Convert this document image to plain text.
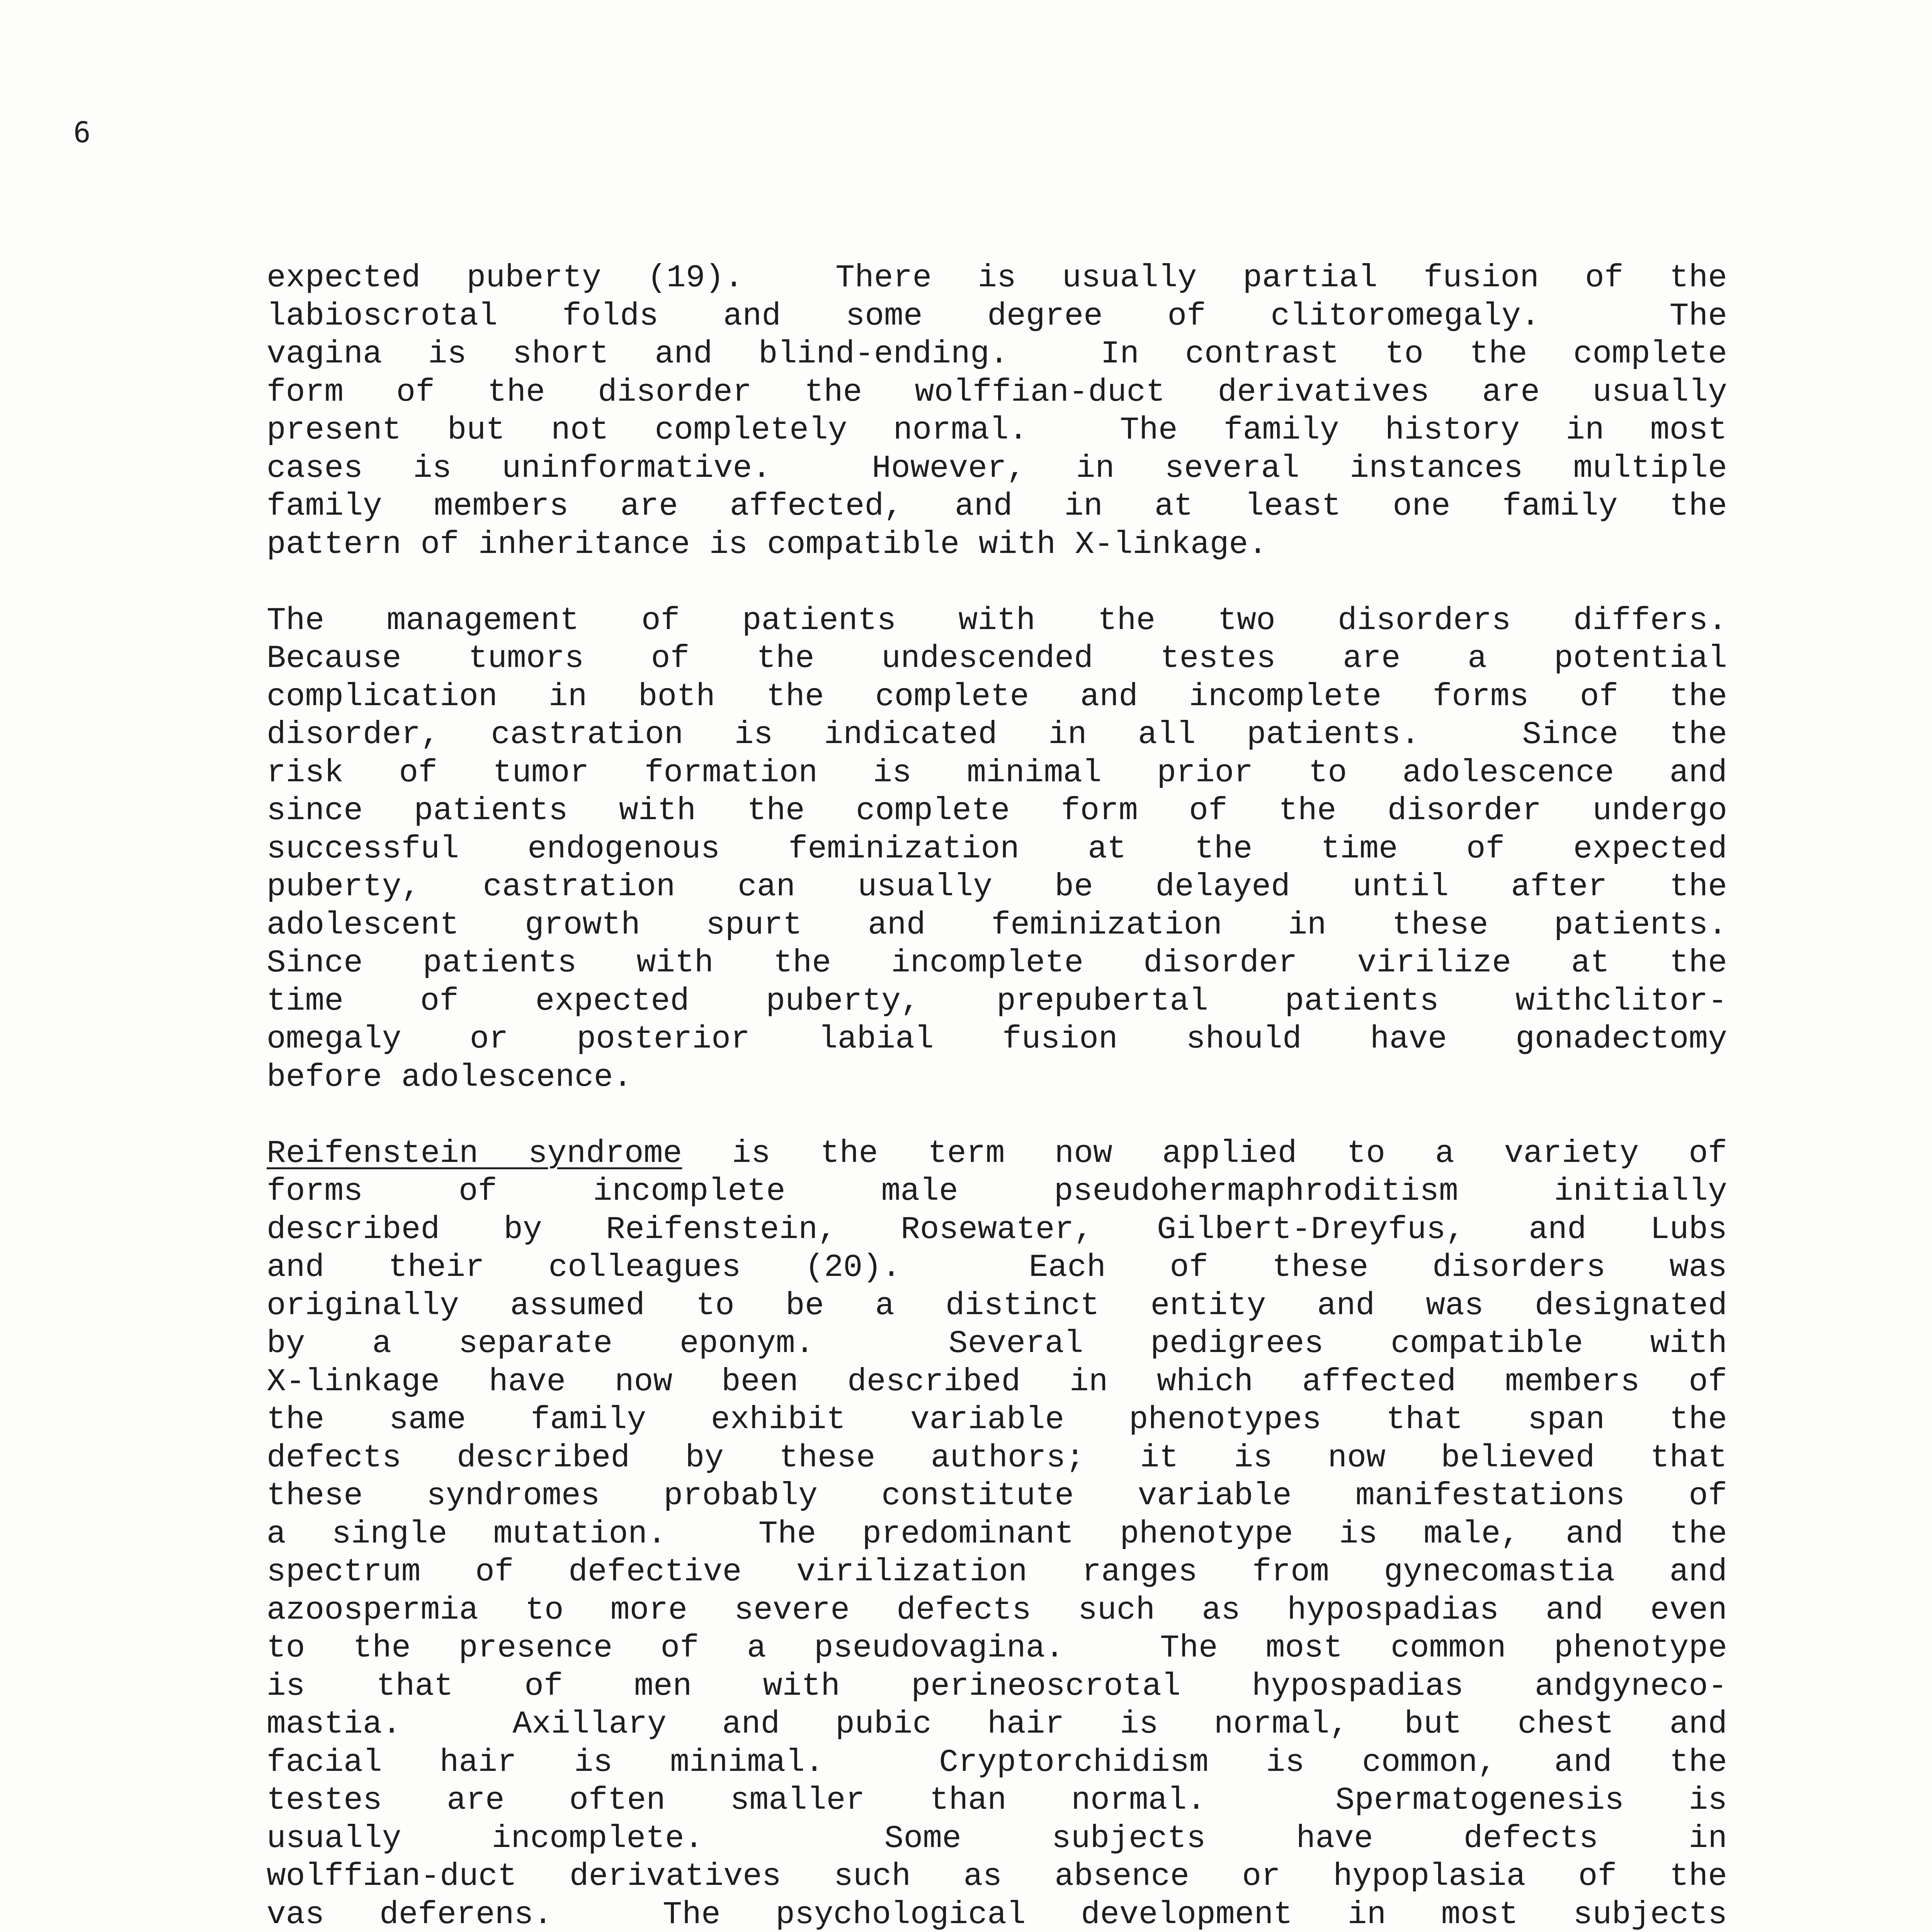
6
expected puberty (19).  There is usually partial fusion of the
labioscrotal folds and some degree of clitoromegaly.  The
vagina is short and blind-ending.  In contrast to the complete
form of the disorder the wolffian-duct derivatives are usually
present but not completely normal.  The family history in most
cases is uninformative.  However, in several instances multiple
family members are affected, and in at least one family the
pattern of inheritance is compatible with X-linkage.
The management of patients with the two disorders differs.
Because tumors of the undescended testes are a potential
complication in both the complete and incomplete forms of the
disorder, castration is indicated in all patients.  Since the
risk of tumor formation is minimal prior to adolescence and
since patients with the complete form of the disorder undergo
successful endogenous feminization at the time of expected
puberty, castration can usually be delayed until after the
adolescent growth spurt and feminization in these patients.
Since patients with the incomplete disorder virilize at the
time of expected puberty, prepubertal patients withclitor-
omegaly or posterior labial fusion should have gonadectomy
before adolescence.
Reifenstein syndrome is the term now applied to a variety of
forms of incomplete male pseudohermaphroditism initially
described by Reifenstein, Rosewater, Gilbert-Dreyfus, and Lubs
and their colleagues (20).  Each of these disorders was
originally assumed to be a distinct entity and was designated
by a separate eponym.  Several pedigrees compatible with
X-linkage have now been described in which affected members of
the same family exhibit variable phenotypes that span the
defects described by these authors; it is now believed that
these syndromes probably constitute variable manifestations of
a single mutation.  The predominant phenotype is male, and the
spectrum of defective virilization ranges from gynecomastia and
azoospermia to more severe defects such as hypospadias and even
to the presence of a pseudovagina.  The most common phenotype
is that of men with perineoscrotal hypospadias andgyneco-
mastia.  Axillary and pubic hair is normal, but chest and
facial hair is minimal.  Cryptorchidism is common, and the
testes are often smaller than normal.  Spermatogenesis is
usually incomplete.  Some subjects have defects in
wolffian-duct derivatives such as absence or hypoplasia of the
vas deferens.  The psychological development in most subjects
